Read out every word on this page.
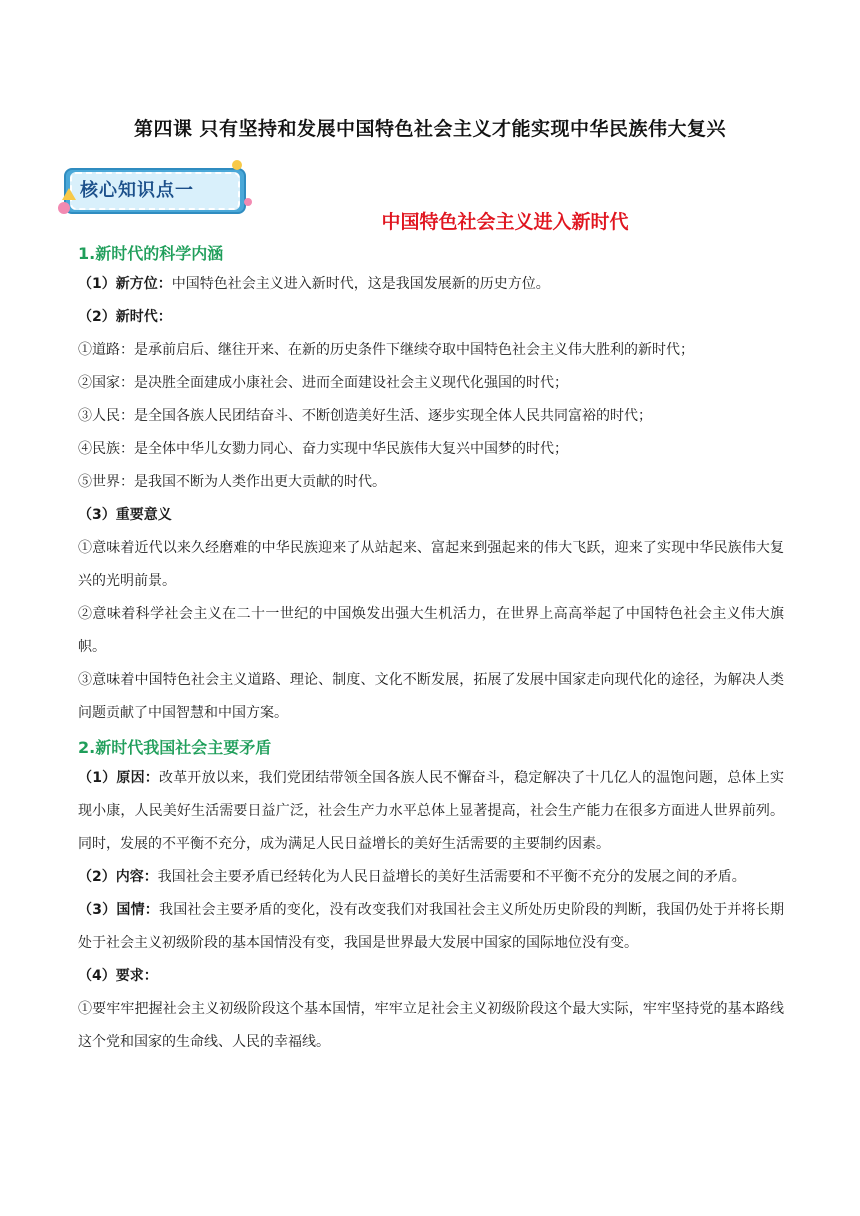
第四课 只有坚持和发展中国特色社会主义才能实现中华民族伟大复兴
核心知识点一
中国特色社会主义进入新时代
1.新时代的科学内涵

（1）新方位：中国特色社会主义进入新时代，这是我国发展新的历史方位。

（2）新时代：

①道路：是承前启后、继往开来、在新的历史条件下继续夺取中国特色社会主义伟大胜利的新时代；

②国家：是决胜全面建成小康社会、进而全面建设社会主义现代化强国的时代；

③人民：是全国各族人民团结奋斗、不断创造美好生活、逐步实现全体人民共同富裕的时代；

④民族：是全体中华儿女勠力同心、奋力实现中华民族伟大复兴中国梦的时代；

⑤世界：是我国不断为人类作出更大贡献的时代。

（3）重要意义

①意味着近代以来久经磨难的中华民族迎来了从站起来、富起来到强起来的伟大飞跃，迎来了实现中华民族伟大复兴的光明前景。

②意味着科学社会主义在二十一世纪的中国焕发出强大生机活力，在世界上高高举起了中国特色社会主义伟大旗帜。

③意味着中国特色社会主义道路、理论、制度、文化不断发展，拓展了发展中国家走向现代化的途径，为解决人类问题贡献了中国智慧和中国方案。

2.新时代我国社会主要矛盾

（1）原因：改革开放以来，我们党团结带领全国各族人民不懈奋斗，稳定解决了十几亿人的温饱问题，总体上实现小康，人民美好生活需要日益广泛，社会生产力水平总体上显著提高，社会生产能力在很多方面进人世界前列。同时，发展的不平衡不充分，成为满足人民日益增长的美好生活需要的主要制约因素。

（2）内容：我国社会主要矛盾已经转化为人民日益增长的美好生活需要和不平衡不充分的发展之间的矛盾。

（3）国情：我国社会主要矛盾的变化，没有改变我们对我国社会主义所处历史阶段的判断，我国仍处于并将长期处于社会主义初级阶段的基本国情没有变，我国是世界最大发展中国家的国际地位没有变。

（4）要求：

①要牢牢把握社会主义初级阶段这个基本国情，牢牢立足社会主义初级阶段这个最大实际，牢牢坚持党的基本路线这个党和国家的生命线、人民的幸福线。
